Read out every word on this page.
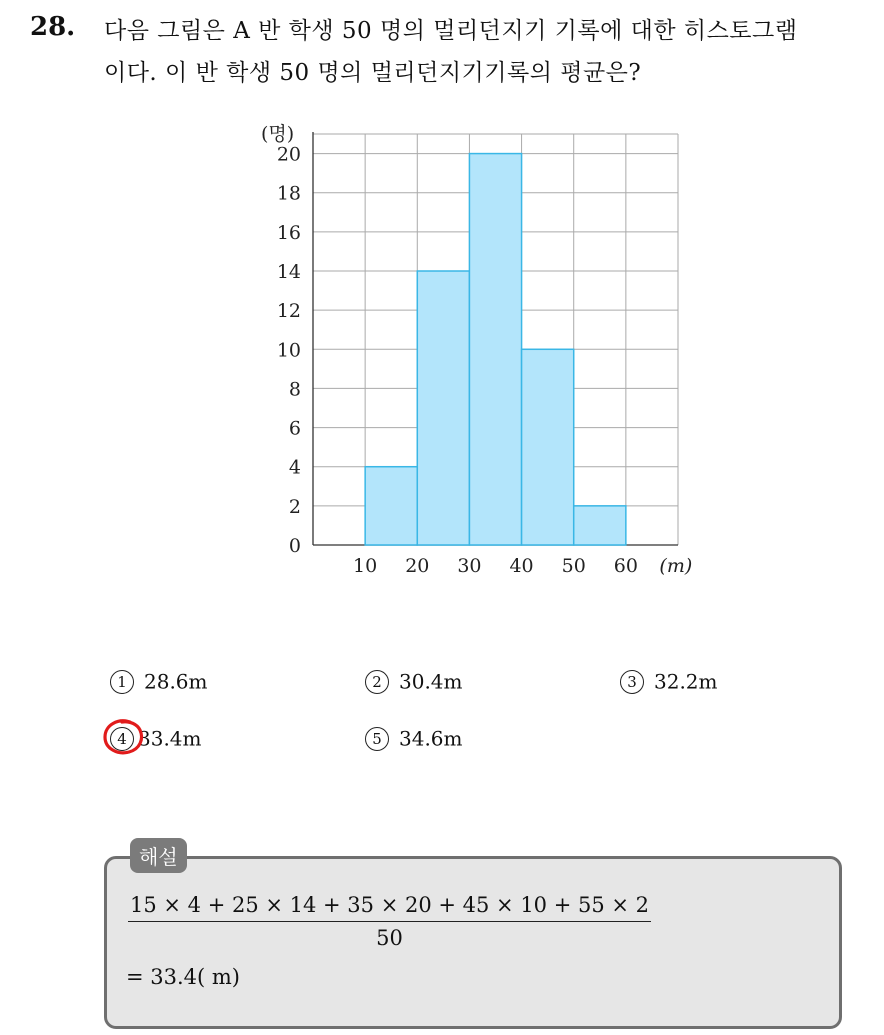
28. 다음 그림은 A 반 학생 50 명의 멀리던지기 기록에 대한 히스토그램
이다. 이 반 학생 50 명의 멀리던지기기록의 평균은?
0
2
4
6
8
10
12
14
16
18
20
10 20 30 40 50 60
(명)
(m)
1 28.6m	2 30.4m	3 32.2m
4 33.4m	5 34.6m
해설
15 × 4 + 25 × 14 + 35 × 20 + 45 × 10 + 55 × 2
50
= 33.4( m)
